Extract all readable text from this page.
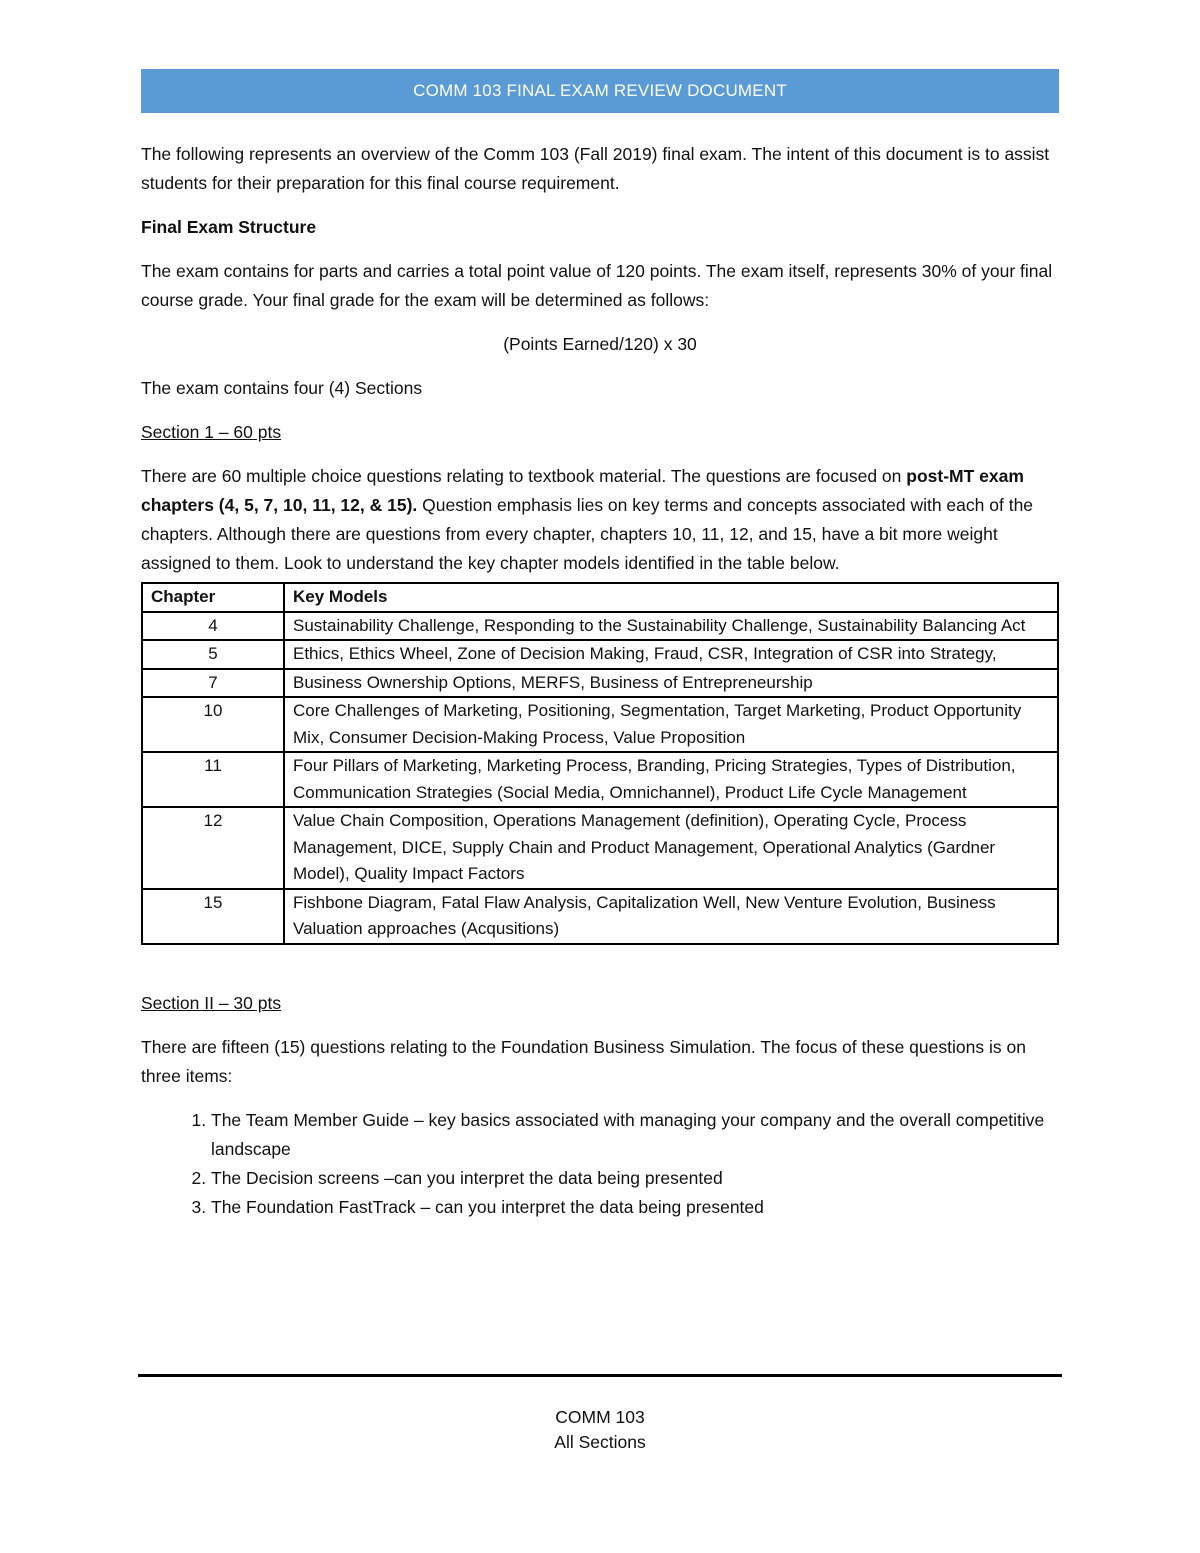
COMM 103 FINAL EXAM REVIEW DOCUMENT

The following represents an overview of the Comm 103 (Fall 2019) final exam. The intent of this document is to assist students for their preparation for this final course requirement.

Final Exam Structure

The exam contains for parts and carries a total point value of 120 points. The exam itself, represents 30% of your final course grade. Your final grade for the exam will be determined as follows:

(Points Earned/120) x 30

The exam contains four (4) Sections

Section 1 – 60 pts

There are 60 multiple choice questions relating to textbook material. The questions are focused on post-MT exam chapters (4, 5, 7, 10, 11, 12, & 15). Question emphasis lies on key terms and concepts associated with each of the chapters. Although there are questions from every chapter, chapters 10, 11, 12, and 15, have a bit more weight assigned to them. Look to understand the key chapter models identified in the table below.

Chapter	Key Models
4	Sustainability Challenge, Responding to the Sustainability Challenge, Sustainability Balancing Act
5	Ethics, Ethics Wheel, Zone of Decision Making, Fraud, CSR, Integration of CSR into Strategy,
7	Business Ownership Options, MERFS, Business of Entrepreneurship
10	Core Challenges of Marketing, Positioning, Segmentation, Target Marketing, Product Opportunity Mix, Consumer Decision-Making Process, Value Proposition
11	Four Pillars of Marketing, Marketing Process, Branding, Pricing Strategies, Types of Distribution, Communication Strategies (Social Media, Omnichannel), Product Life Cycle Management
12	Value Chain Composition, Operations Management (definition), Operating Cycle, Process Management, DICE, Supply Chain and Product Management, Operational Analytics (Gardner Model), Quality Impact Factors
15	Fishbone Diagram, Fatal Flaw Analysis, Capitalization Well, New Venture Evolution, Business Valuation approaches (Acqusitions)

Section II – 30 pts

There are fifteen (15) questions relating to the Foundation Business Simulation. The focus of these questions is on three items:

1. The Team Member Guide – key basics associated with managing your company and the overall competitive landscape
2. The Decision screens –can you interpret the data being presented
3. The Foundation FastTrack – can you interpret the data being presented
COMM 103
All Sections
